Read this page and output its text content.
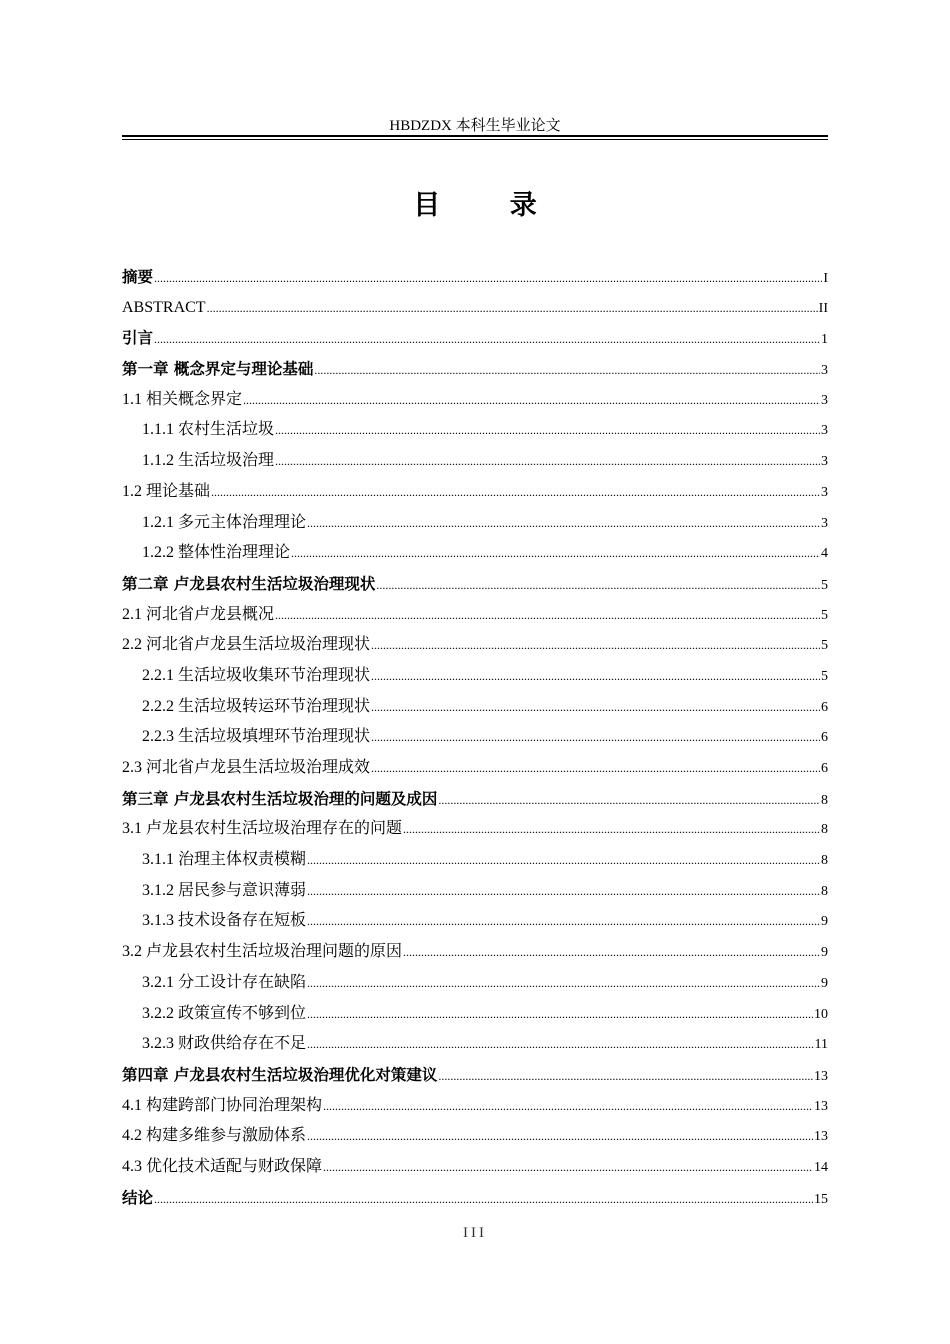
HBDZDX 本科生毕业论文
目 录
摘要 .....	I
ABSTRACT .....	II
引言 .....	1
第一章 概念界定与理论基础 .....	3
1.1 相关概念界定 .....	3
1.1.1 农村生活垃圾 .....	3
1.1.2 生活垃圾治理 .....	3
1.2 理论基础 .....	3
1.2.1 多元主体治理理论 .....	3
1.2.2 整体性治理理论 .....	4
第二章 卢龙县农村生活垃圾治理现状 .....	5
2.1 河北省卢龙县概况 .....	5
2.2 河北省卢龙县生活垃圾治理现状 .....	5
2.2.1 生活垃圾收集环节治理现状 .....	5
2.2.2 生活垃圾转运环节治理现状 .....	6
2.2.3 生活垃圾填埋环节治理现状 .....	6
2.3 河北省卢龙县生活垃圾治理成效 .....	6
第三章 卢龙县农村生活垃圾治理的问题及成因 .....	8
3.1 卢龙县农村生活垃圾治理存在的问题 .....	8
3.1.1 治理主体权责模糊 .....	8
3.1.2 居民参与意识薄弱 .....	8
3.1.3 技术设备存在短板 .....	9
3.2 卢龙县农村生活垃圾治理问题的原因 .....	9
3.2.1 分工设计存在缺陷 .....	9
3.2.2 政策宣传不够到位 .....	10
3.2.3 财政供给存在不足 .....	11
第四章 卢龙县农村生活垃圾治理优化对策建议 .....	13
4.1 构建跨部门协同治理架构 .....	13
4.2 构建多维参与激励体系 .....	13
4.3 优化技术适配与财政保障 .....	14
结论 .....	15
III
